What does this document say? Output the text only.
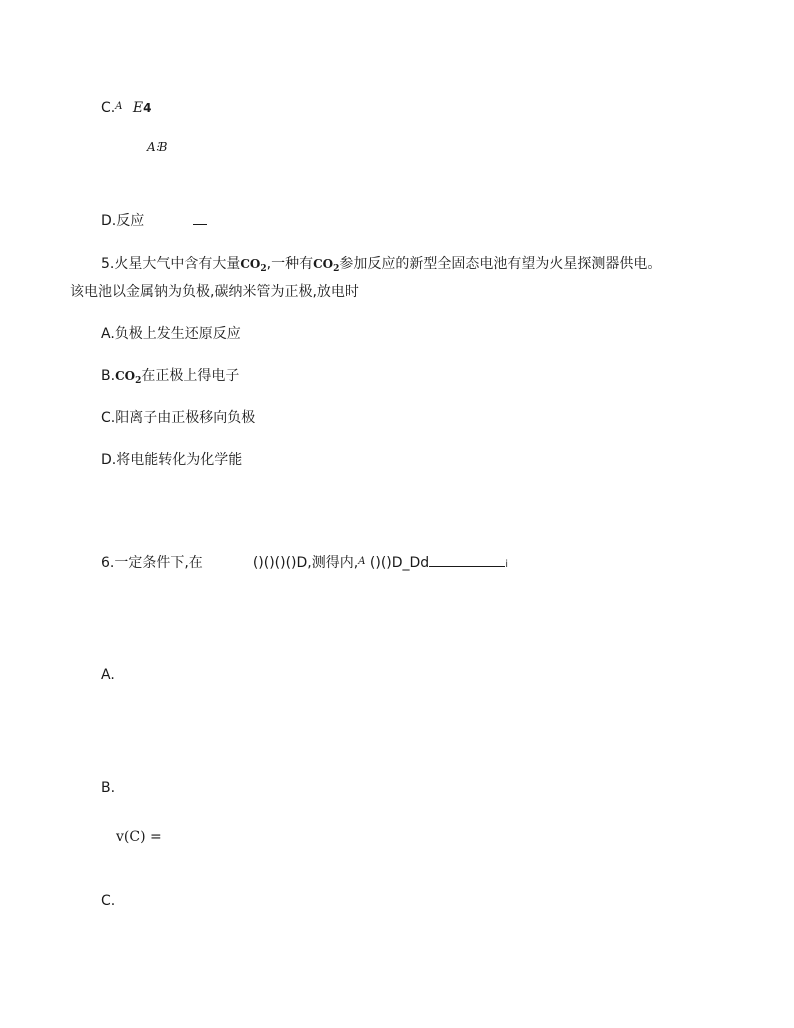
C.$^A$ E4
A⫶B
D.反应
5.火星大气中含有大量$CO_2$,一种有$CO_2$参加反应的新型全固态电池有望为火星探测器供电。
该电池以金属钠为负极,碳纳米管为正极,放电时
A.负极上发生还原反应
$B.CO_2$在正极上得电子
C.阳离子由正极移向负极
D.将电能转化为化学能
6.一定条件下,在	()()()()D,测得内,$^A$ ()()D_Dd	i
A.
B.
v(C) =
C.
